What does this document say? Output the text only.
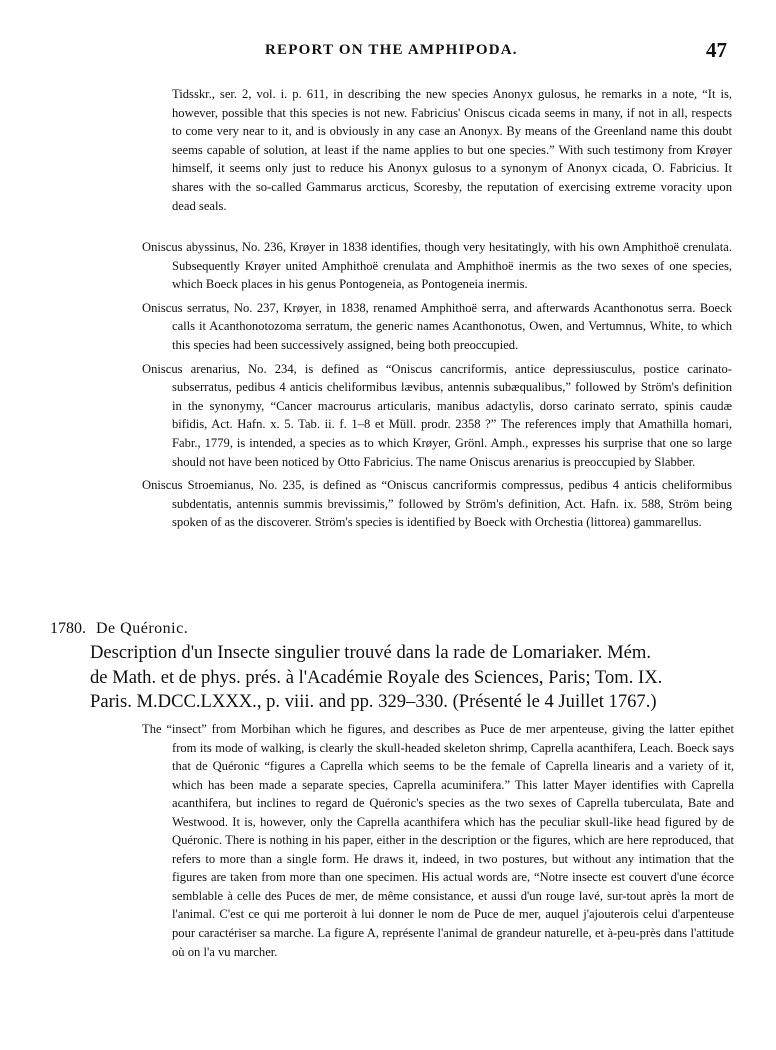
REPORT ON THE AMPHIPODA.	47
Tidsskr., ser. 2, vol. i. p. 611, in describing the new species Anonyx gulosus, he remarks in a note, “It is, however, possible that this species is not new. Fabricius' Oniscus cicada seems in many, if not in all, respects to come very near to it, and is obviously in any case an Anonyx. By means of the Greenland name this doubt seems capable of solution, at least if the name applies to but one species.” With such testimony from Krøyer himself, it seems only just to reduce his Anonyx gulosus to a synonym of Anonyx cicada, O. Fabricius. It shares with the so-called Gammarus arcticus, Scoresby, the reputation of exercising extreme voracity upon dead seals.

Oniscus abyssinus, No. 236, Krøyer in 1838 identifies, though very hesitatingly, with his own Amphithoë crenulata. Subsequently Krøyer united Amphithoë crenulata and Amphithoë inermis as the two sexes of one species, which Boeck places in his genus Pontogeneia, as Pontogeneia inermis.

Oniscus serratus, No. 237, Krøyer, in 1838, renamed Amphithoë serra, and afterwards Acanthonotus serra. Boeck calls it Acanthonotozoma serratum, the generic names Acanthonotus, Owen, and Vertumnus, White, to which this species had been successively assigned, being both preoccupied.

Oniscus arenarius, No. 234, is defined as “Oniscus cancriformis, antice depressiusculus, postice carinato-subserratus, pedibus 4 anticis cheliformibus lævibus, antennis subæqualibus,” followed by Ström's definition in the synonymy, “Cancer macrourus articularis, manibus adactylis, dorso carinato serrato, spinis caudæ bifidis, Act. Hafn. x. 5. Tab. ii. f. 1–8 et Müll. prodr. 2358 ?” The references imply that Amathilla homari, Fabr., 1779, is intended, a species as to which Krøyer, Grönl. Amph., expresses his surprise that one so large should not have been noticed by Otto Fabricius. The name Oniscus arenarius is preoccupied by Slabber.

Oniscus Stroemianus, No. 235, is defined as “Oniscus cancriformis compressus, pedibus 4 anticis cheliformibus subdentatis, antennis summis brevissimis,” followed by Ström's definition, Act. Hafn. ix. 588, Ström being spoken of as the discoverer. Ström's species is identified by Boeck with Orchestia (littorea) gammarellus.

1780. De Quéronic.
Description d'un Insecte singulier trouvé dans la rade de Lomariaker. Mém.
de Math. et de phys. prés. à l'Académie Royale des Sciences, Paris; Tom. IX.
Paris. M.DCC.LXXX., p. viii. and pp. 329–330. (Présenté le 4 Juillet 1767.)

The “insect” from Morbihan which he figures, and describes as Puce de mer arpenteuse, giving the latter epithet from its mode of walking, is clearly the skull-headed skeleton shrimp, Caprella acanthifera, Leach. Boeck says that de Quéronic “figures a Caprella which seems to be the female of Caprella linearis and a variety of it, which has been made a separate species, Caprella acuminifera.” This latter Mayer identifies with Caprella acanthifera, but inclines to regard de Quéronic's species as the two sexes of Caprella tuberculata, Bate and Westwood. It is, however, only the Caprella acanthifera which has the peculiar skull-like head figured by de Quéronic. There is nothing in his paper, either in the description or the figures, which are here reproduced, that refers to more than a single form. He draws it, indeed, in two postures, but without any intimation that the figures are taken from more than one specimen. His actual words are, “Notre insecte est couvert d'une écorce semblable à celle des Puces de mer, de même consistance, et aussi d'un rouge lavé, sur-tout après la mort de l'animal. C'est ce qui me porteroit à lui donner le nom de Puce de mer, auquel j'ajouterois celui d'arpenteuse pour caractériser sa marche. La figure A, représente l'animal de grandeur naturelle, et à-peu-près dans l'attitude où on l'a vu marcher.
